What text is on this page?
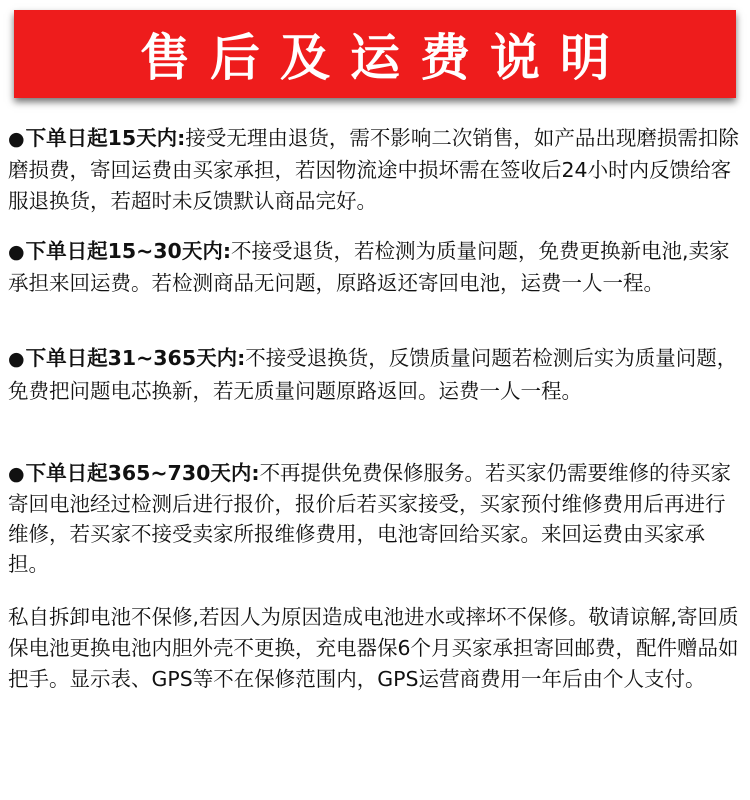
售后及运费说明

●下单日起15天内:接受无理由退货，需不影响二次销售，如产品出现磨损需扣除磨损费，寄回运费由买家承担，若因物流途中损坏需在签收后24小时内反馈给客服退换货，若超时未反馈默认商品完好。

●下单日起15~30天内:不接受退货，若检测为质量问题，免费更换新电池,卖家承担来回运费。若检测商品无问题，原路返还寄回电池，运费一人一程。

●下单日起31~365天内:不接受退换货，反馈质量问题若检测后实为质量问题，免费把问题电芯换新，若无质量问题原路返回。运费一人一程。

●下单日起365~730天内:不再提供免费保修服务。若买家仍需要维修的待买家寄回电池经过检测后进行报价，报价后若买家接受，买家预付维修费用后再进行维修，若买家不接受卖家所报维修费用，电池寄回给买家。来回运费由买家承担。

私自拆卸电池不保修,若因人为原因造成电池进水或摔坏不保修。敬请谅解,寄回质保电池更换电池内胆外壳不更换，充电器保6个月买家承担寄回邮费，配件赠品如把手。显示表、GPS等不在保修范围内，GPS运营商费用一年后由个人支付。
